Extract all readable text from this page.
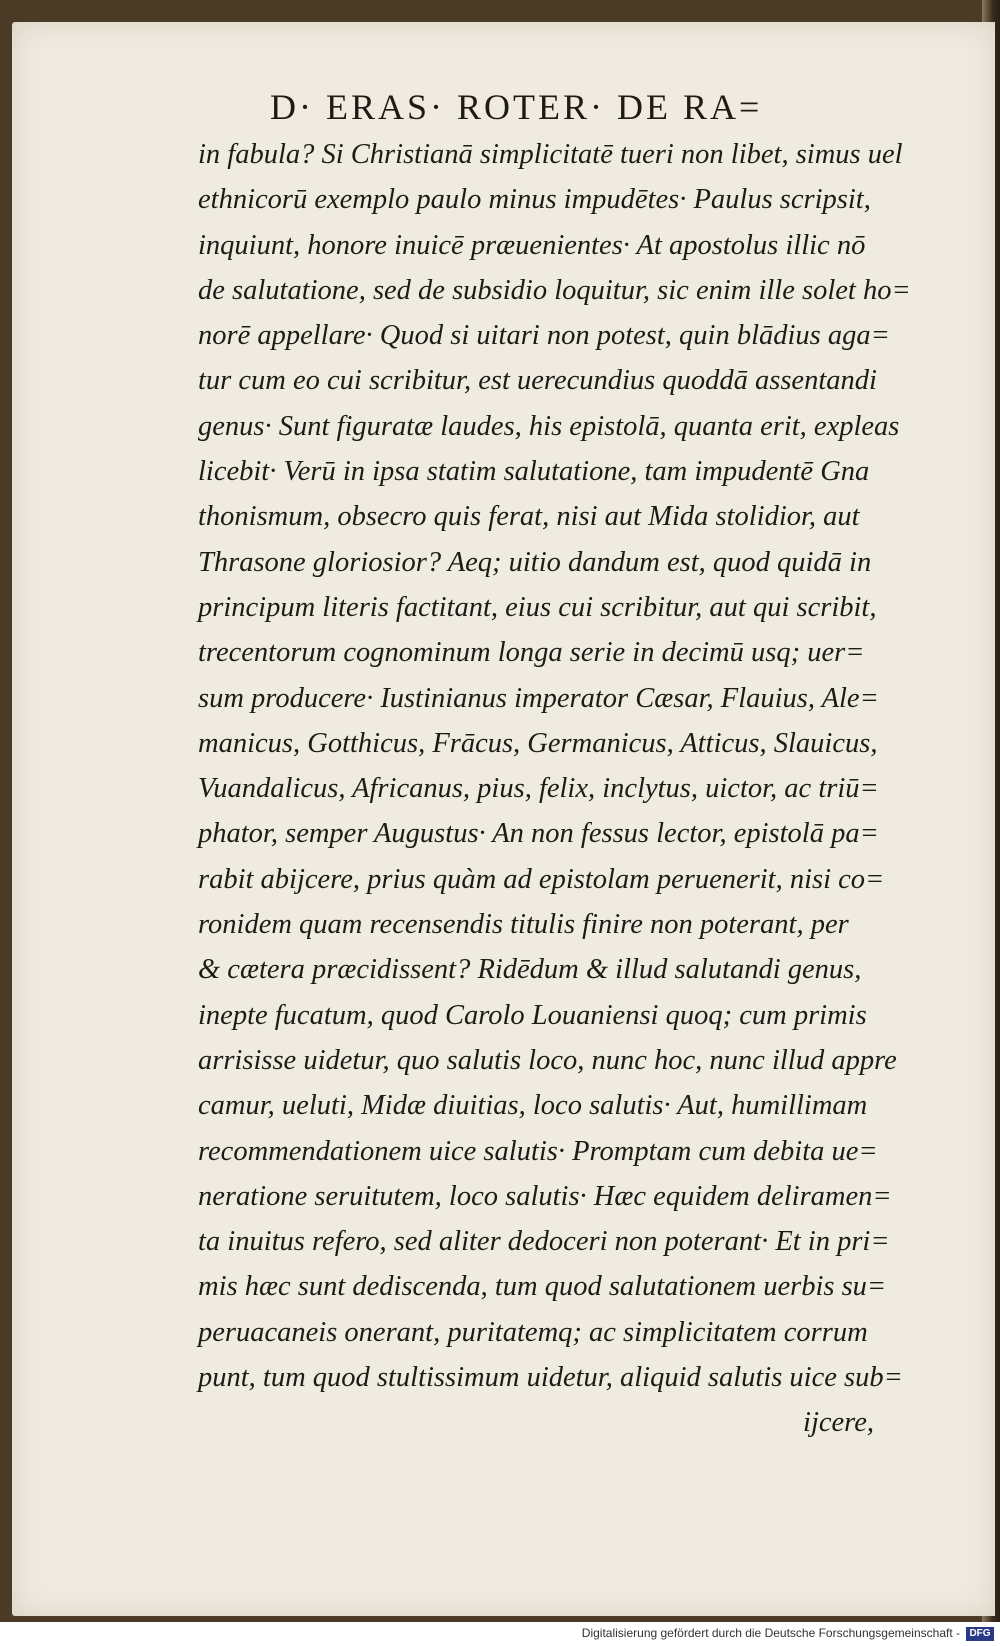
D· ERAS· ROTER· DE RA=
in fabula? Si Christianā simplicitatē tueri non libet, simus uel
ethnicorū exemplo paulo minus impudētes· Paulus scripsit,
inquiunt, honore inuicē præuenientes· At apostolus illic nō
de salutatione, sed de subsidio loquitur, sic enim ille solet ho=
norē appellare· Quod si uitari non potest, quin blādius aga=
tur cum eo cui scribitur, est uerecundius quoddā assentandi
genus· Sunt figuratæ laudes, his epistolā, quanta erit, expleas
licebit· Verū in ipsa statim salutatione, tam impudentē Gna
thonismum, obsecro quis ferat, nisi aut Mida stolidior, aut
Thrasone gloriosior? Aeq; uitio dandum est, quod quidā in
principum literis factitant, eius cui scribitur, aut qui scribit,
trecentorum cognominum longa serie in decimū usq; uer=
sum producere· Iustinianus imperator Cæsar, Flauius, Ale=
manicus, Gotthicus, Frācus, Germanicus, Atticus, Slauicus,
Vuandalicus, Africanus, pius, felix, inclytus, uictor, ac triū=
phator, semper Augustus· An non fessus lector, epistolā pa=
rabit abijcere, prius quàm ad epistolam peruenerit, nisi co=
ronidem quam recensendis titulis finire non poterant, per
& cætera præcidissent? Ridēdum & illud salutandi genus,
inepte fucatum, quod Carolo Louaniensi quoq; cum primis
arrisisse uidetur, quo salutis loco, nunc hoc, nunc illud appre
camur, ueluti, Midæ diuitias, loco salutis· Aut, humillimam
recommendationem uice salutis· Promptam cum debita ue=
neratione seruitutem, loco salutis· Hæc equidem deliramen=
ta inuitus refero, sed aliter dedoceri non poterant· Et in pri=
mis hæc sunt dediscenda, tum quod salutationem uerbis su=
peruacaneis onerant, puritatemq; ac simplicitatem corrum
punt, tum quod stultissimum uidetur, aliquid salutis uice sub=
ijcere,
Digitalisierung gefördert durch die Deutsche Forschungsgemeinschaft - DFG
